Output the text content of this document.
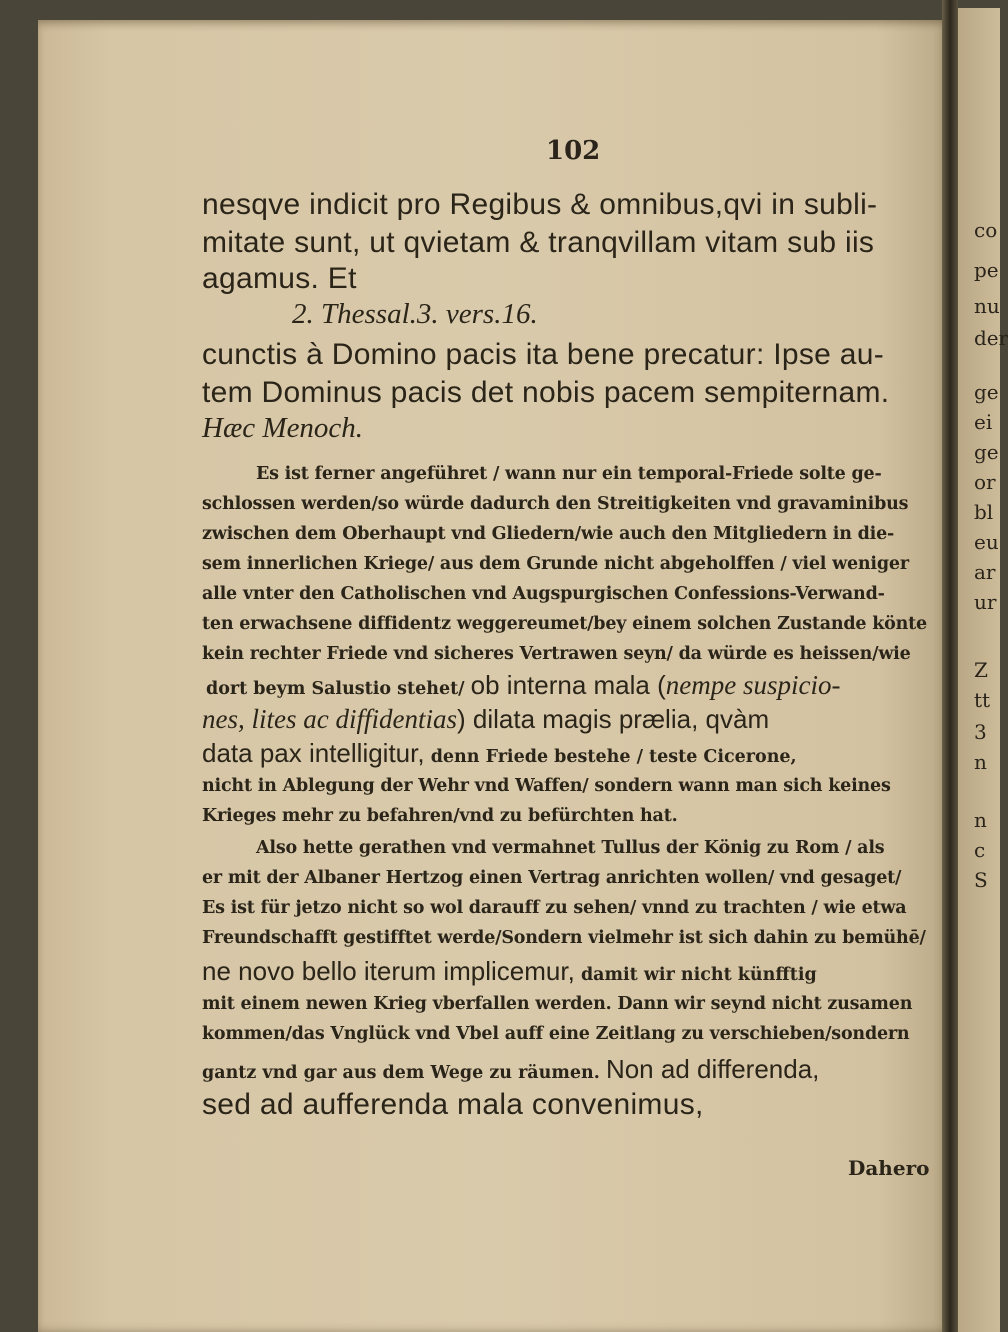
102
nesqve indicit pro Regibus & omnibus,qvi in subli-
mitate sunt, ut qvietam & tranqvillam vitam sub iis
agamus. Et
2. Thessal.3. vers.16.
cunctis à Domino pacis ita bene precatur: Ipse au-
tem Dominus pacis det nobis pacem sempiternam.
Hæc Menoch.
Es ist ferner angeführet / wann nur ein temporal-Friede solte ge-
schlossen werden/so würde dadurch den Streitigkeiten vnd gravaminibus
zwischen dem Oberhaupt vnd Gliedern/wie auch den Mitgliedern in die-
sem innerlichen Kriege/ aus dem Grunde nicht abgeholffen / viel weniger
alle vnter den Catholischen vnd Augspurgischen Confessions-Verwand-
ten erwachsene diffidentz weggereumet/bey einem solchen Zustande könte
kein rechter Friede vnd sicheres Vertrawen seyn/ da würde es heissen/wie
dort beym Salustio stehet/ ob interna mala (nempe suspicio-
nes, lites ac diffidentias) dilata magis prælia, qvàm
data pax intelligitur, denn Friede bestehe / teste Cicerone,
nicht in Ablegung der Wehr vnd Waffen/ sondern wann man sich keines
Krieges mehr zu befahren/vnd zu befürchten hat.
Also hette gerathen vnd vermahnet Tullus der König zu Rom / als
er mit der Albaner Hertzog einen Vertrag anrichten wollen/ vnd gesaget/
Es ist für jetzo nicht so wol darauff zu sehen/ vnnd zu trachten / wie etwa
Freundschafft gestifftet werde/Sondern vielmehr ist sich dahin zu bemühē/
ne novo bello iterum implicemur, damit wir nicht künfftig
mit einem newen Krieg vberfallen werden. Dann wir seynd nicht zusamen
kommen/das Vnglück vnd Vbel auff eine Zeitlang zu verschieben/sondern
gantz vnd gar aus dem Wege zu räumen. Non ad differenda,
sed ad aufferenda mala convenimus,
Dahero
co
pe
nu
der
ge
ei
ge
or
bl
eu
ar
ur
Z
tt
3
n
n
c
S
